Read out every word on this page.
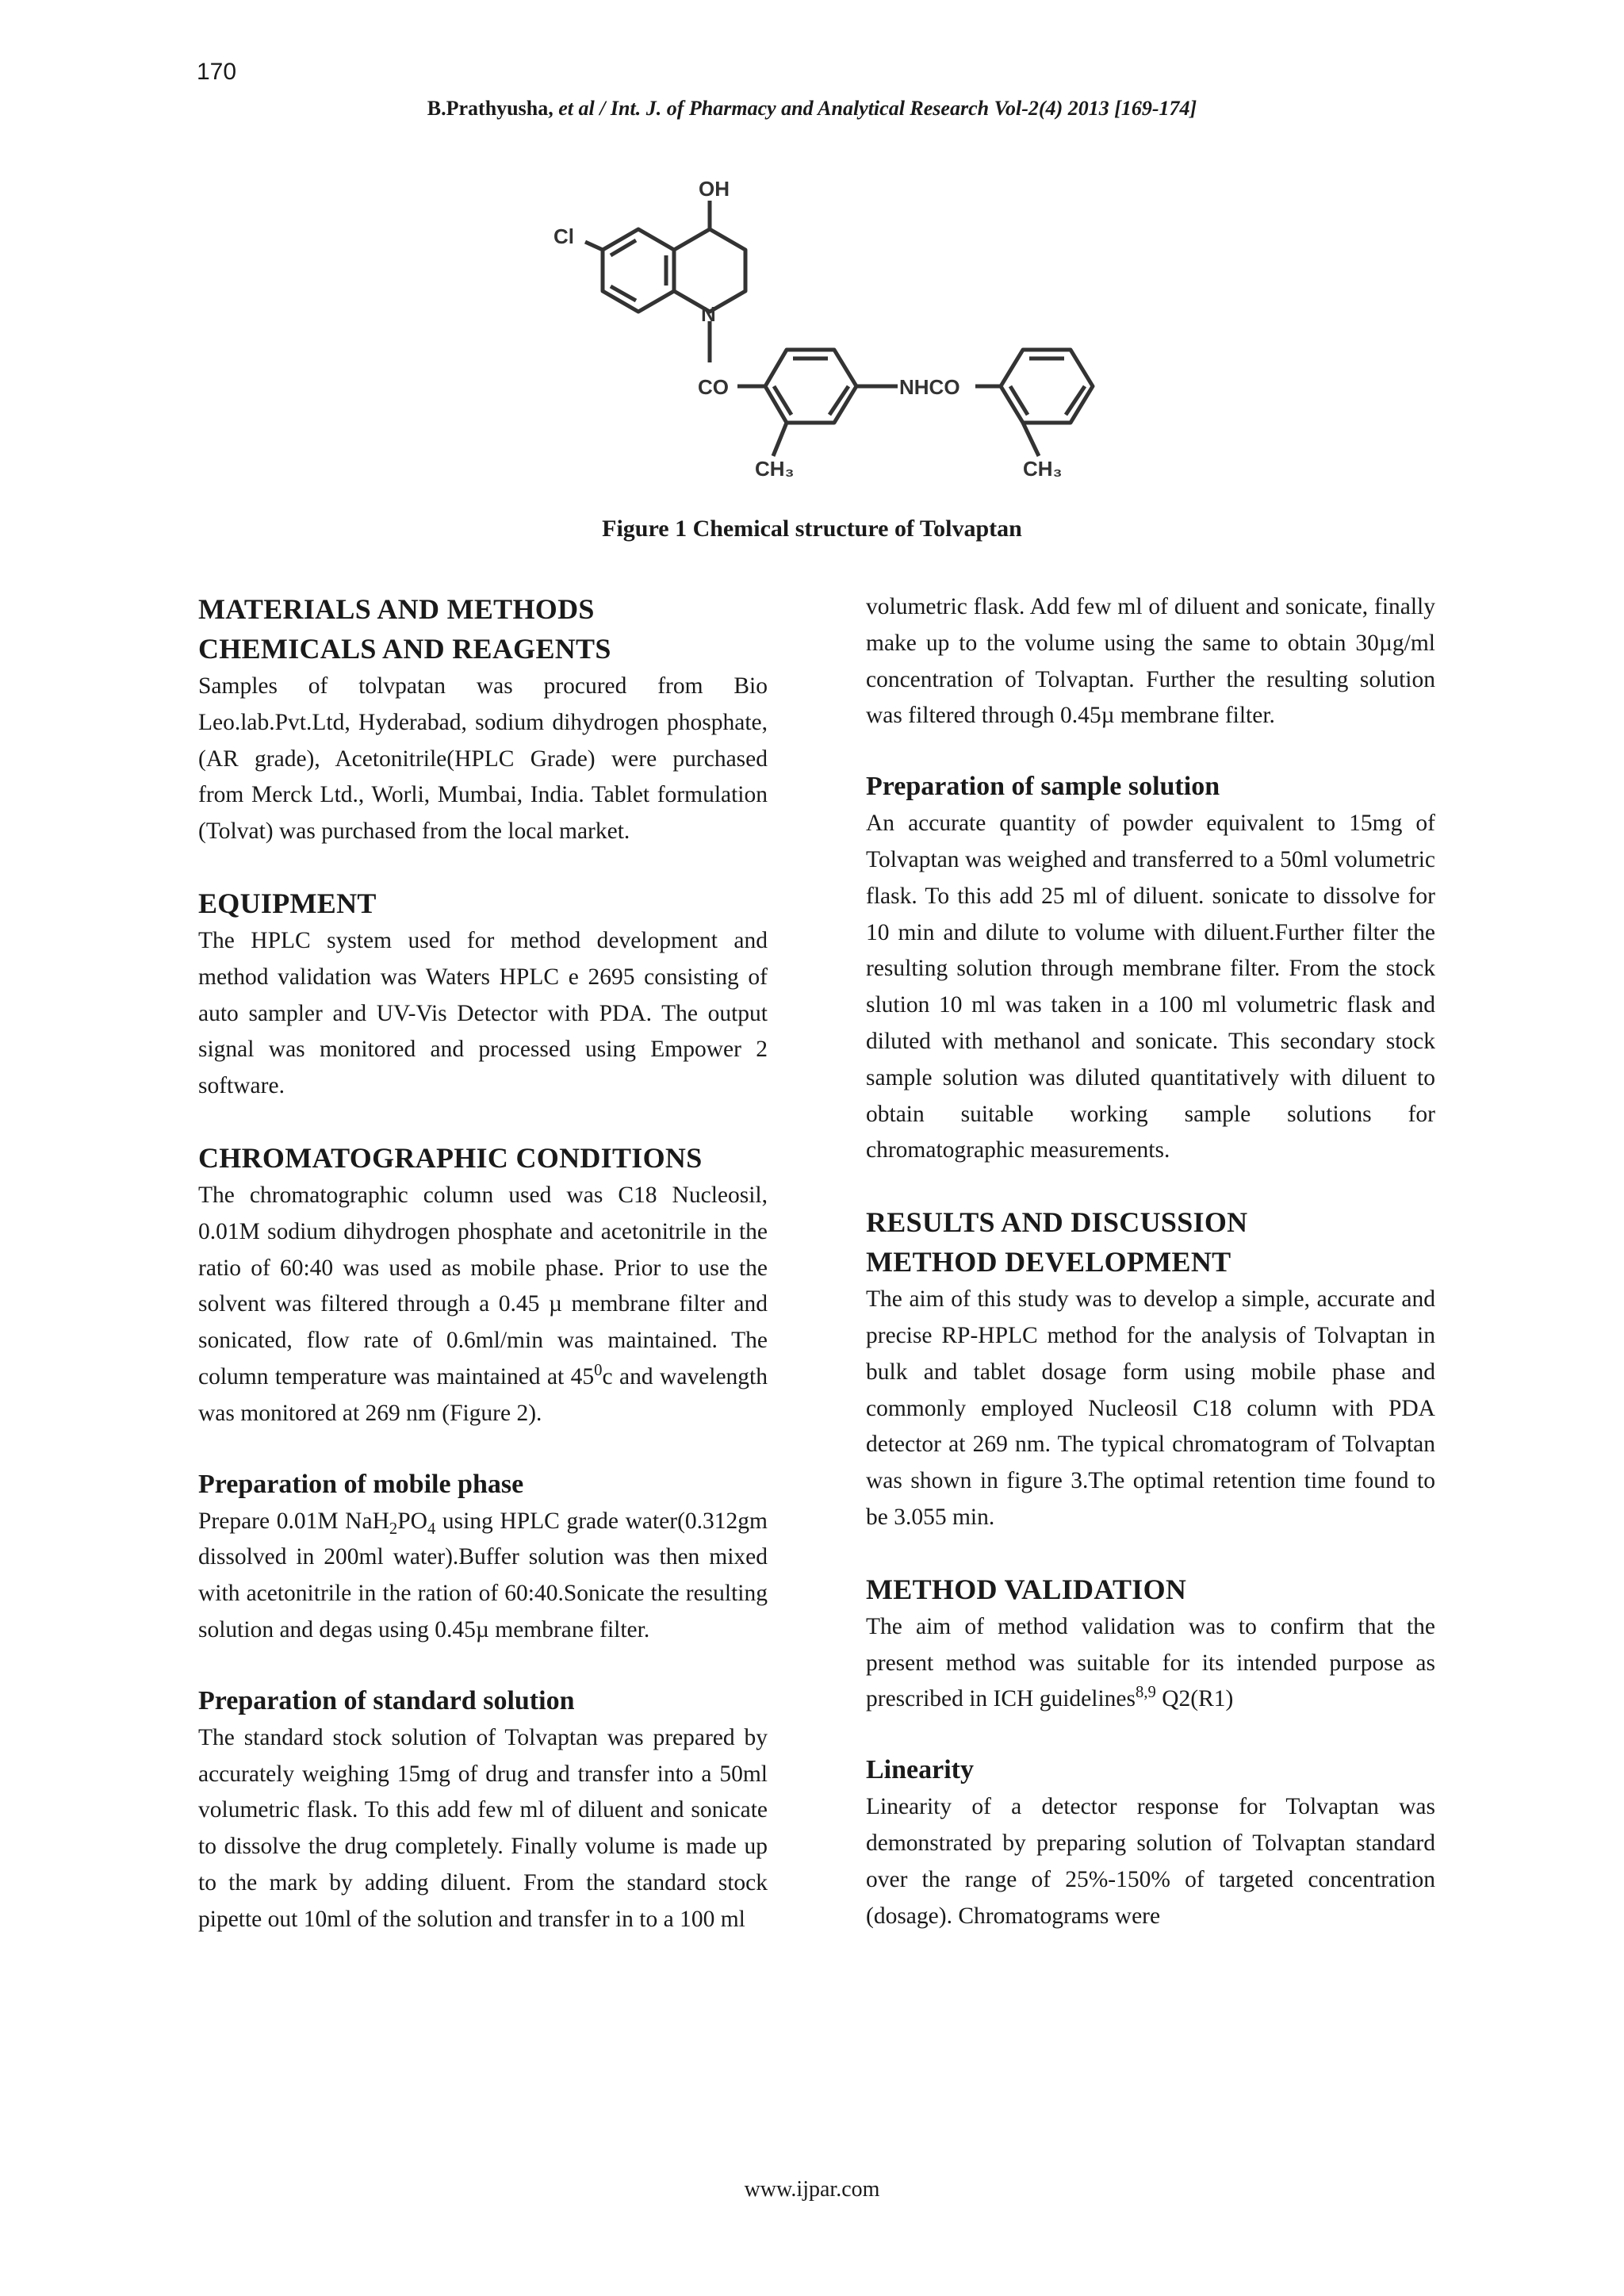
170
B.Prathyusha, et al / Int. J. of Pharmacy and Analytical Research Vol-2(4) 2013 [169-174]
OH
Cl
N
CO	NHCO
CH₃	CH₃
Figure 1 Chemical structure of Tolvaptan

MATERIALS AND METHODS

CHEMICALS AND REAGENTS

Samples of tolvpatan was procured from Bio Leo.lab.Pvt.Ltd, Hyderabad, sodium dihydrogen phosphate, (AR grade), Acetonitrile(HPLC Grade) were purchased from Merck Ltd., Worli, Mumbai, India. Tablet formulation (Tolvat) was purchased from the local market.

EQUIPMENT

The HPLC system used for method development and method validation was Waters HPLC e 2695 consisting of auto sampler and UV-Vis Detector with PDA. The output signal was monitored and processed using Empower 2 software.

CHROMATOGRAPHIC CONDITIONS

The chromatographic column used was C18 Nucleosil, 0.01M sodium dihydrogen phosphate and acetonitrile in the ratio of 60:40 was used as mobile phase. Prior to use the solvent was filtered through a 0.45 µ membrane filter and sonicated, flow rate of 0.6ml/min was maintained. The column temperature was maintained at $45^0c$ and wavelength was monitored at 269 nm (Figure 2).

Preparation of mobile phase

Prepare 0.01M $NaH_2PO_4$ using HPLC grade water(0.312gm dissolved in 200ml water).Buffer solution was then mixed with acetonitrile in the ration of 60:40.Sonicate the resulting solution and degas using 0.45µ membrane filter.

Preparation of standard solution

The standard stock solution of Tolvaptan was prepared by accurately weighing 15mg of drug and transfer into a 50ml volumetric flask. To this add few ml of diluent and sonicate to dissolve the drug completely. Finally volume is made up to the mark by adding diluent. From the standard stock pipette out 10ml of the solution and transfer in to a 100 ml

volumetric flask. Add few ml of diluent and sonicate, finally make up to the volume using the same to obtain 30µg/ml concentration of Tolvaptan. Further the resulting solution was filtered through 0.45µ membrane filter.

Preparation of sample solution

An accurate quantity of powder equivalent to 15mg of Tolvaptan was weighed and transferred to a 50ml volumetric flask. To this add 25 ml of diluent. sonicate to dissolve for 10 min and dilute to volume with diluent.Further filter the resulting solution through membrane filter. From the stock slution 10 ml was taken in a 100 ml volumetric flask and diluted with methanol and sonicate. This secondary stock sample solution was diluted quantitatively with diluent to obtain suitable working sample solutions for chromatographic measurements.

RESULTS AND DISCUSSION

METHOD DEVELOPMENT

The aim of this study was to develop a simple, accurate and precise RP-HPLC method for the analysis of Tolvaptan in bulk and tablet dosage form using mobile phase and commonly employed Nucleosil C18 column with PDA detector at 269 nm. The typical chromatogram of Tolvaptan was shown in figure 3.The optimal retention time found to be 3.055 min.

METHOD VALIDATION

The aim of method validation was to confirm that the present method was suitable for its intended purpose as prescribed in ICH guidelines$^{8,9}$ Q2(R1)

Linearity

Linearity of a detector response for Tolvaptan was demonstrated by preparing solution of Tolvaptan standard over the range of 25%-150% of targeted concentration (dosage). Chromatograms were

www.ijpar.com
